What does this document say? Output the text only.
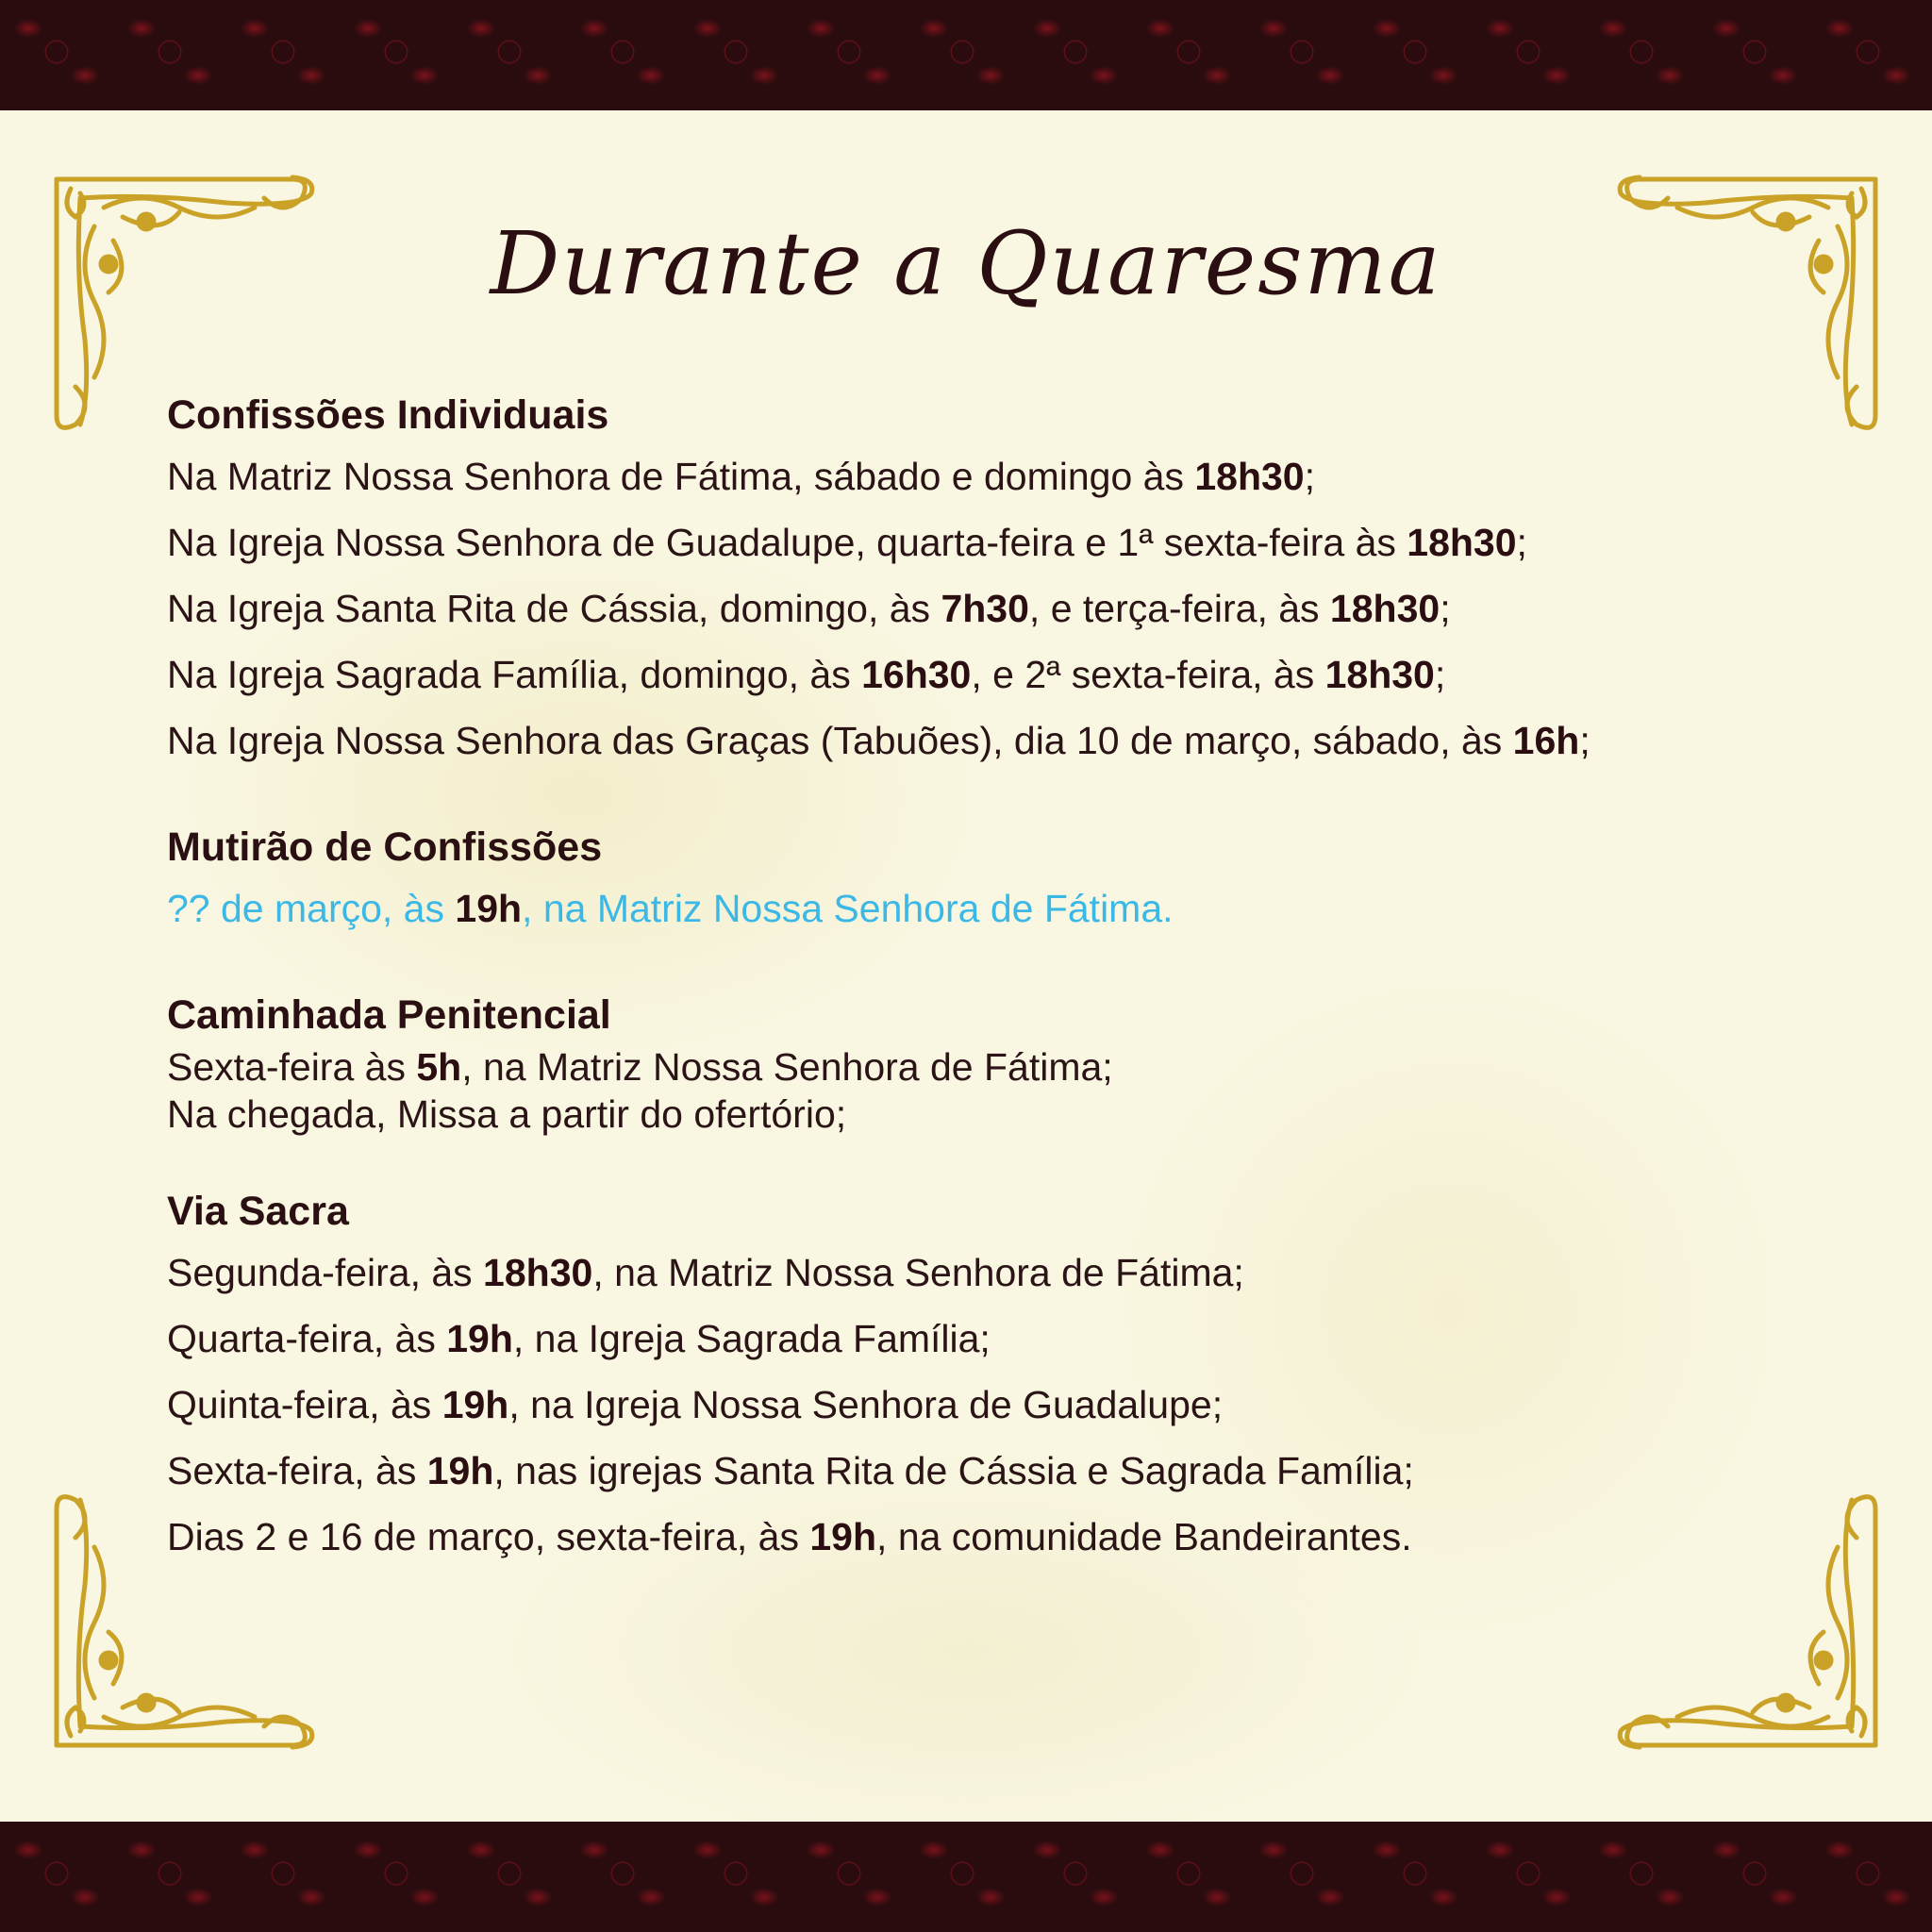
Durante a Quaresma
Confissões Individuais
Na Matriz Nossa Senhora de Fátima, sábado e domingo às 18h30;
Na Igreja Nossa Senhora de Guadalupe, quarta-feira e 1ª sexta-feira às 18h30;
Na Igreja Santa Rita de Cássia, domingo, às 7h30, e terça-feira, às 18h30;
Na Igreja Sagrada Família, domingo, às 16h30, e 2ª sexta-feira, às 18h30;
Na Igreja Nossa Senhora das Graças (Tabuões), dia 10 de março, sábado, às 16h;
Mutirão de Confissões
?? de março, às 19h, na Matriz Nossa Senhora de Fátima.
Caminhada Penitencial
Sexta-feira às 5h, na Matriz Nossa Senhora de Fátima;
Na chegada, Missa a partir do ofertório;
Via Sacra
Segunda-feira, às 18h30, na Matriz Nossa Senhora de Fátima;
Quarta-feira, às 19h, na Igreja Sagrada Família;
Quinta-feira, às 19h, na Igreja Nossa Senhora de Guadalupe;
Sexta-feira, às 19h, nas igrejas Santa Rita de Cássia e Sagrada Família;
Dias 2 e 16 de março, sexta-feira, às 19h, na comunidade Bandeirantes.
